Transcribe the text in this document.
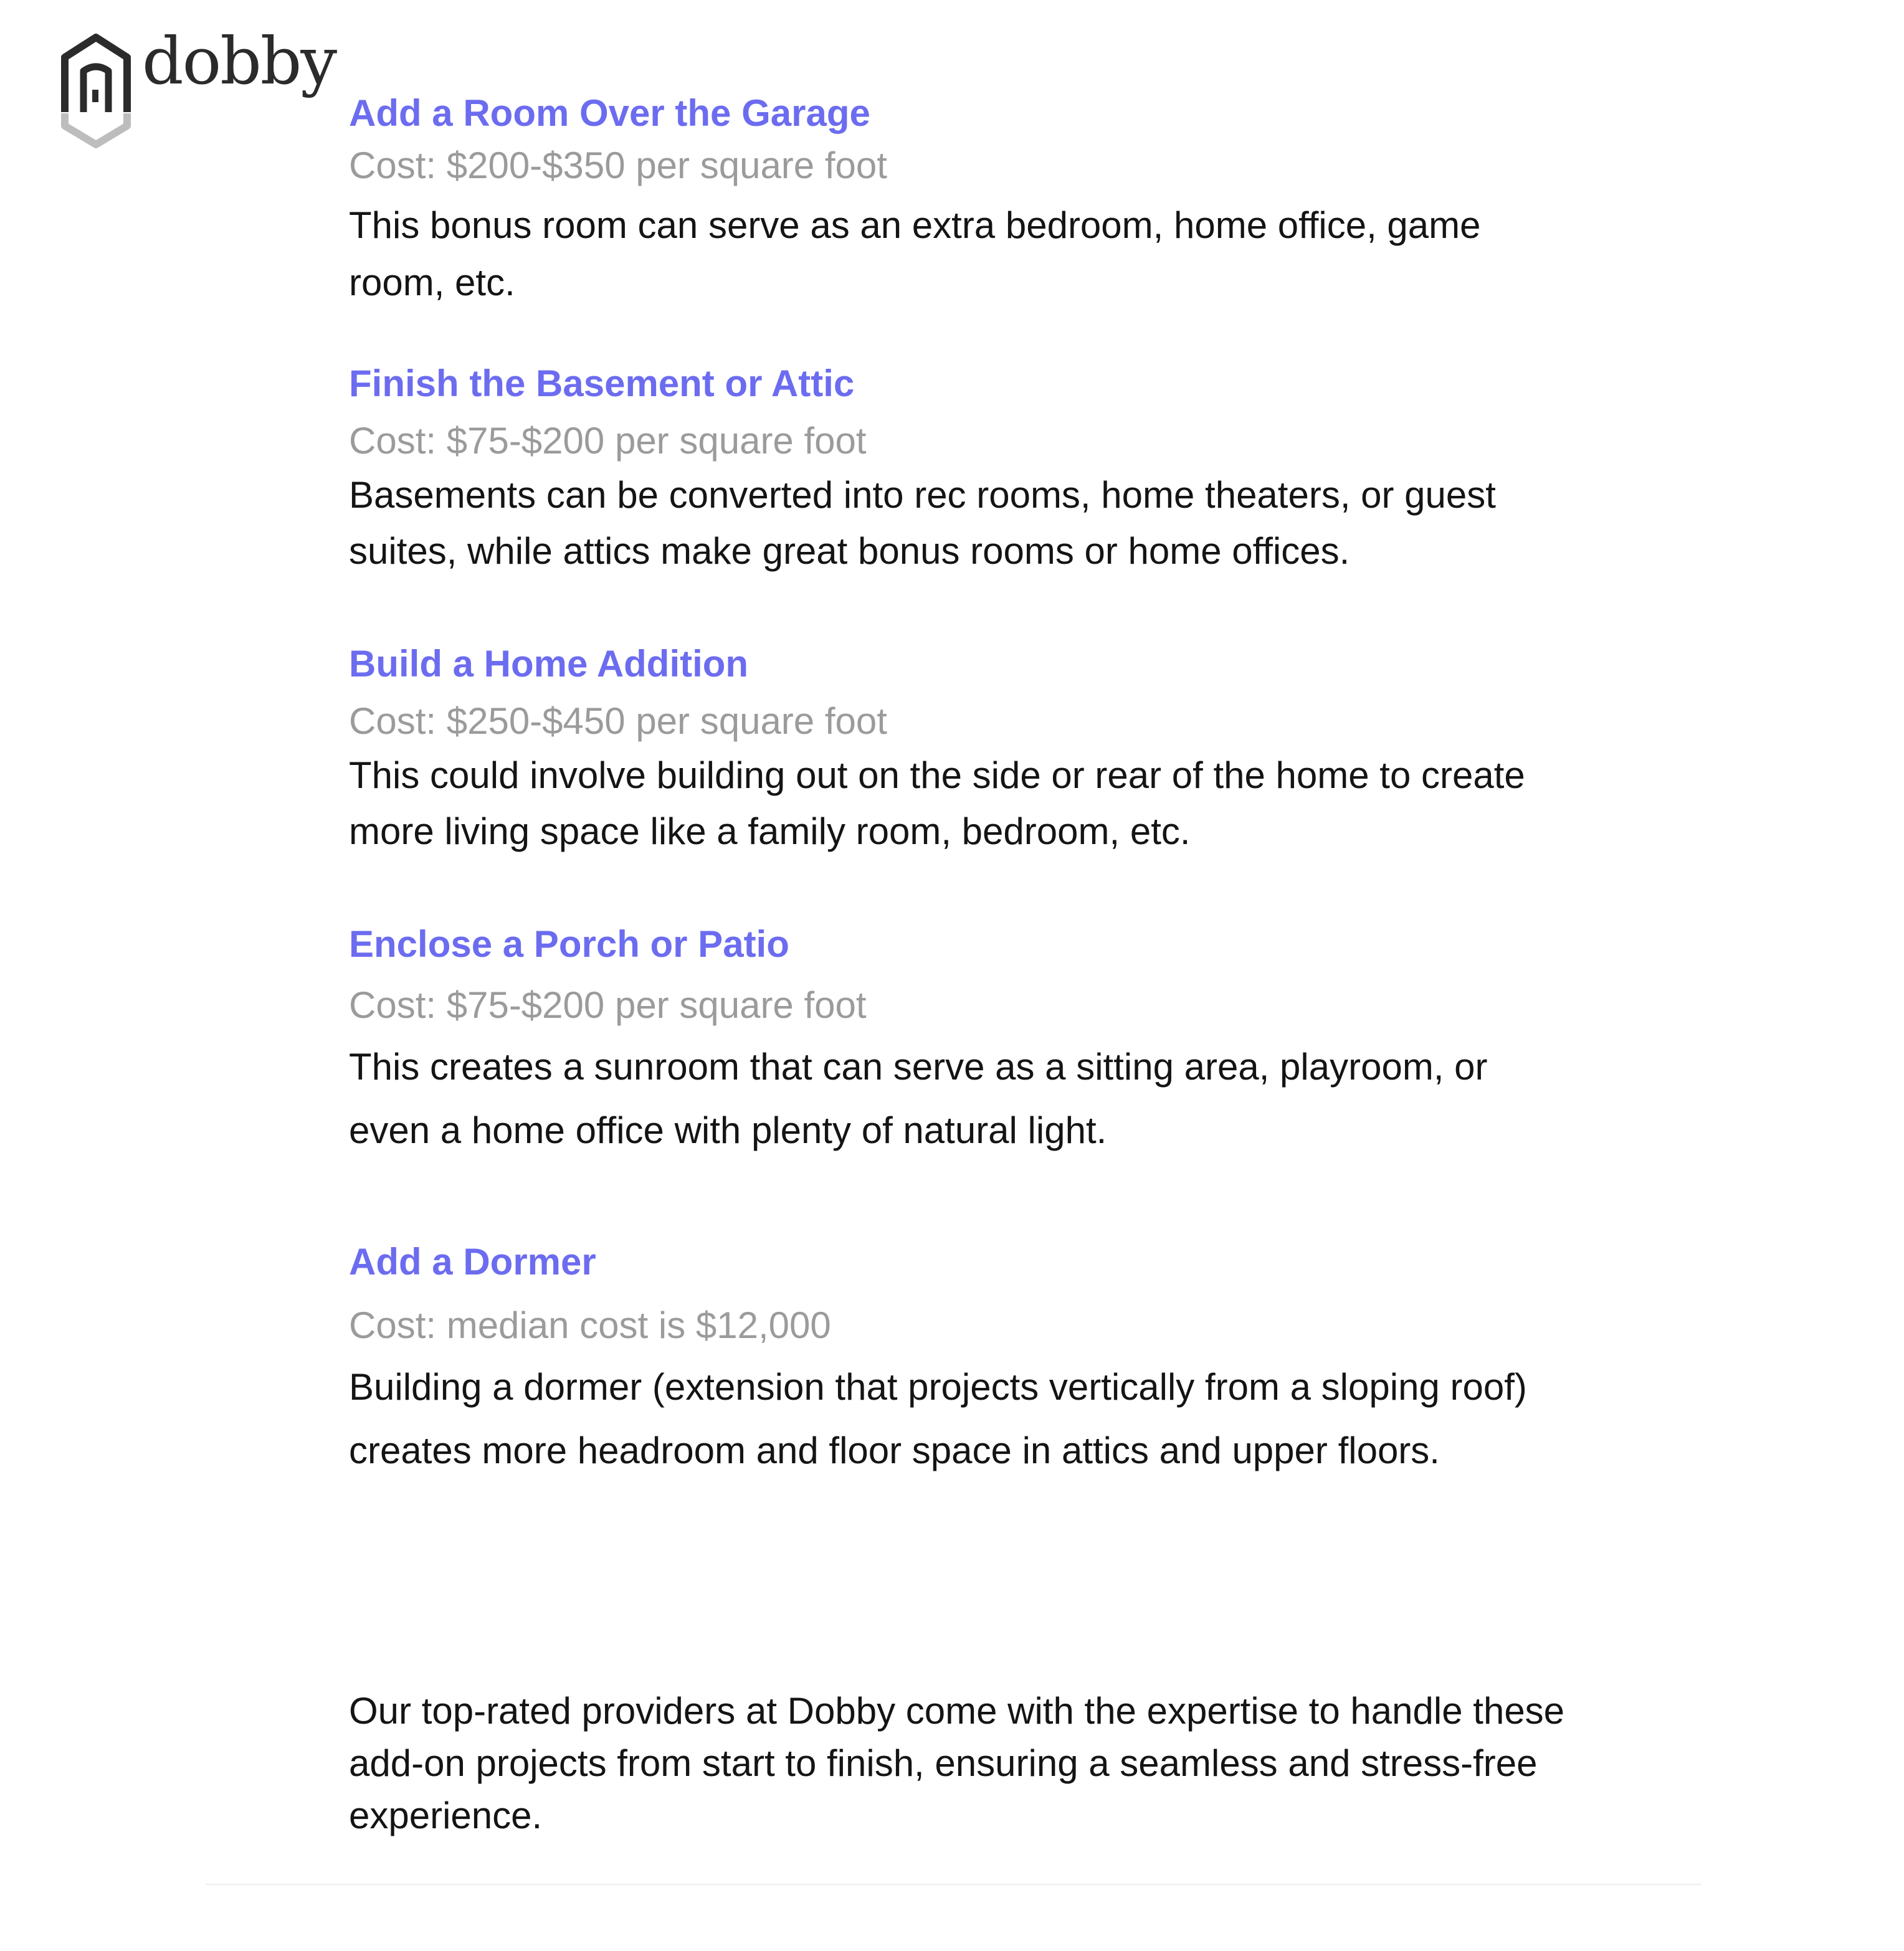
dobby
Add a Room Over the Garage
Cost: $200-$350 per square foot
This bonus room can serve as an extra bedroom, home office, game room, etc.
Finish the Basement or Attic
Cost: $75-$200 per square foot
Basements can be converted into rec rooms, home theaters, or guest suites, while attics make great bonus rooms or home offices.
Build a Home Addition
Cost: $250-$450 per square foot
This could involve building out on the side or rear of the home to create more living space like a family room, bedroom, etc.
Enclose a Porch or Patio
Cost: $75-$200 per square foot
This creates a sunroom that can serve as a sitting area, playroom, or even a home office with plenty of natural light.
Add a Dormer
Cost: median cost is $12,000
Building a dormer (extension that projects vertically from a sloping roof) creates more headroom and floor space in attics and upper floors.
Our top-rated providers at Dobby come with the expertise to handle these add-on projects from start to finish, ensuring a seamless and stress-free experience.
